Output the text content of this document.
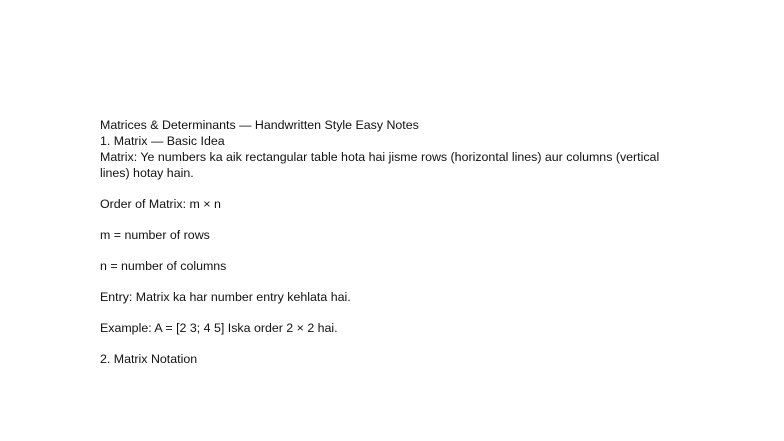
Matrices & Determinants — Handwritten Style Easy Notes

1. Matrix — Basic Idea

Matrix: Ye numbers ka aik rectangular table hota hai jisme rows (horizontal lines) aur columns (vertical lines) hotay hain.

Order of Matrix: m × n

m = number of rows

n = number of columns

Entry: Matrix ka har number entry kehlata hai.

Example: A = [2 3; 4 5] Iska order 2 × 2 hai.

2. Matrix Notation
